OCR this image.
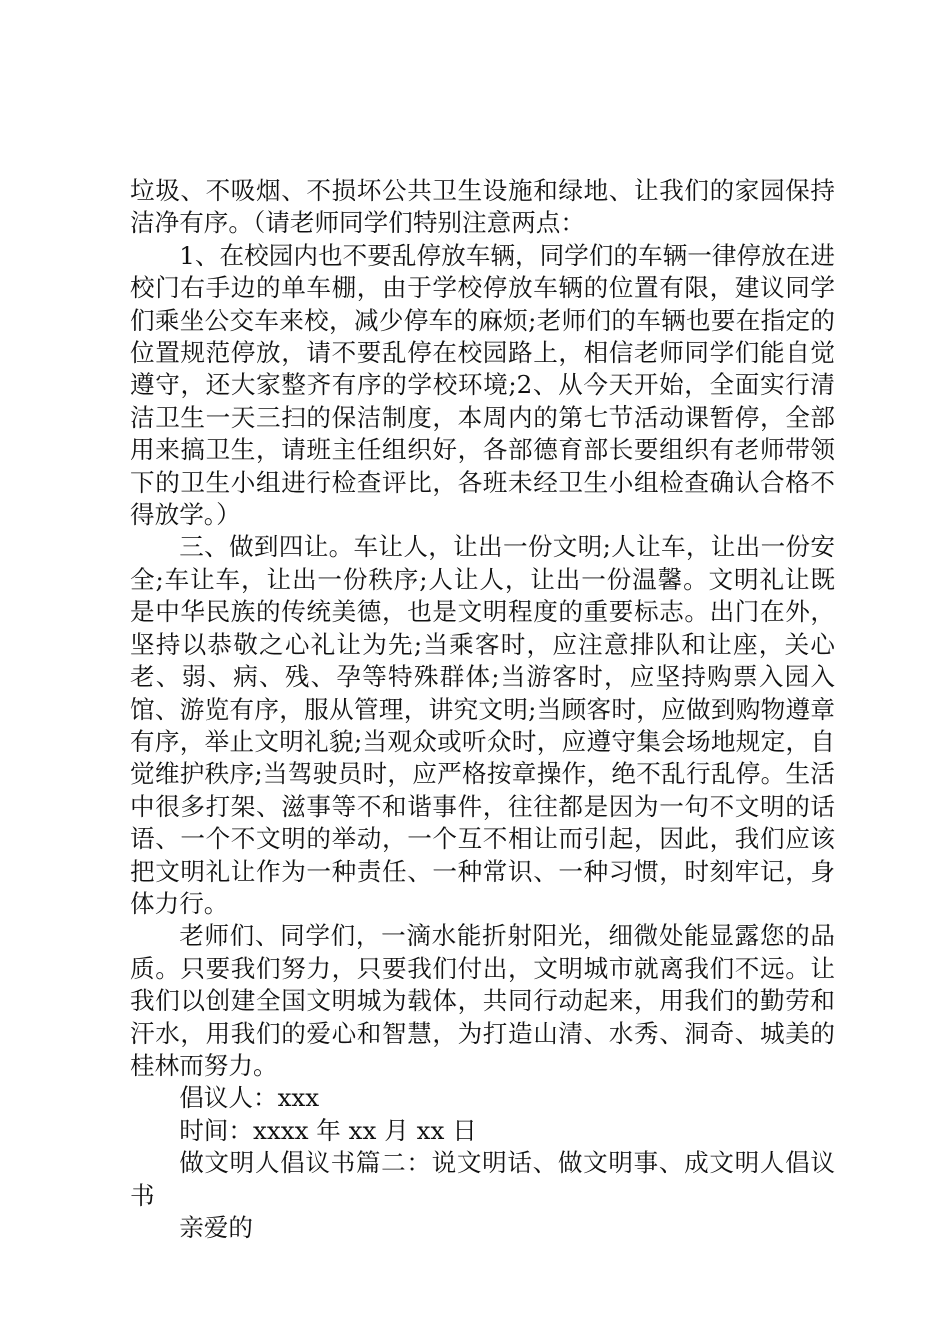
垃圾、不吸烟、不损坏公共卫生设施和绿地、让我们的家园保持洁净有序。（请老师同学们特别注意两点：

1、在校园内也不要乱停放车辆，同学们的车辆一律停放在进校门右手边的单车棚，由于学校停放车辆的位置有限，建议同学们乘坐公交车来校，减少停车的麻烦;老师们的车辆也要在指定的位置规范停放，请不要乱停在校园路上，相信老师同学们能自觉遵守，还大家整齐有序的学校环境;2、从今天开始，全面实行清洁卫生一天三扫的保洁制度，本周内的第七节活动课暂停，全部用来搞卫生，请班主任组织好，各部德育部长要组织有老师带领下的卫生小组进行检查评比，各班未经卫生小组检查确认合格不得放学。）

三、做到四让。车让人，让出一份文明;人让车，让出一份安全;车让车，让出一份秩序;人让人，让出一份温馨。文明礼让既是中华民族的传统美德，也是文明程度的重要标志。出门在外，坚持以恭敬之心礼让为先;当乘客时，应注意排队和让座，关心老、弱、病、残、孕等特殊群体;当游客时，应坚持购票入园入馆、游览有序，服从管理，讲究文明;当顾客时，应做到购物遵章有序，举止文明礼貌;当观众或听众时，应遵守集会场地规定，自觉维护秩序;当驾驶员时，应严格按章操作，绝不乱行乱停。生活中很多打架、滋事等不和谐事件，往往都是因为一句不文明的话语、一个不文明的举动，一个互不相让而引起，因此，我们应该把文明礼让作为一种责任、一种常识、一种习惯，时刻牢记，身体力行。

老师们、同学们，一滴水能折射阳光，细微处能显露您的品质。只要我们努力，只要我们付出，文明城市就离我们不远。让我们以创建全国文明城为载体，共同行动起来，用我们的勤劳和汗水，用我们的爱心和智慧，为打造山清、水秀、洞奇、城美的桂林而努力。

倡议人：xxx

时间：xxxx 年 xx 月 xx 日

做文明人倡议书篇二：说文明话、做文明事、成文明人倡议书

亲爱的
